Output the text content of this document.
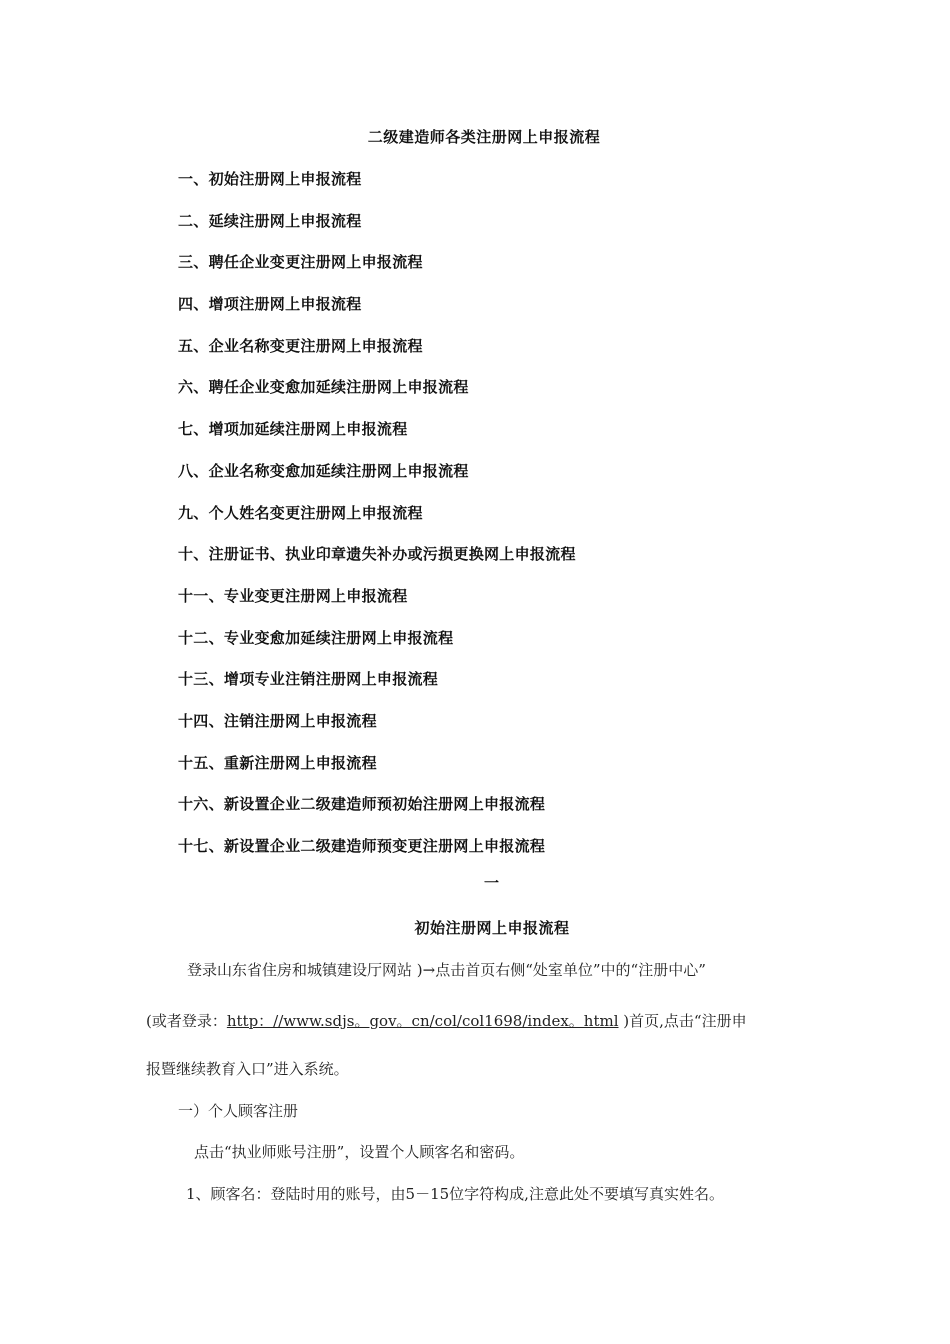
二级建造师各类注册网上申报流程
一、初始注册网上申报流程
二、延续注册网上申报流程
三、聘任企业变更注册网上申报流程
四、增项注册网上申报流程
五、企业名称变更注册网上申报流程
六、聘任企业变愈加延续注册网上申报流程
七、增项加延续注册网上申报流程
八、企业名称变愈加延续注册网上申报流程
九、个人姓名变更注册网上申报流程
十、注册证书、执业印章遗失补办或污损更换网上申报流程
十一、专业变更注册网上申报流程
十二、专业变愈加延续注册网上申报流程
十三、增项专业注销注册网上申报流程
十四、注销注册网上申报流程
十五、重新注册网上申报流程
十六、新设置企业二级建造师预初始注册网上申报流程
十七、新设置企业二级建造师预变更注册网上申报流程
一
初始注册网上申报流程
登录山东省住房和城镇建设厅网站 )→点击首页右侧“处室单位”中的“注册中心”
(或者登录：http：//www.sdjs。gov。cn/col/col1698/index。html )首页,点击“注册申
报暨继续教育入口”进入系统。
一）个人顾客注册
点击“执业师账号注册”，设置个人顾客名和密码。
1、顾客名：登陆时用的账号，由5－15位字符构成,注意此处不要填写真实姓名。
